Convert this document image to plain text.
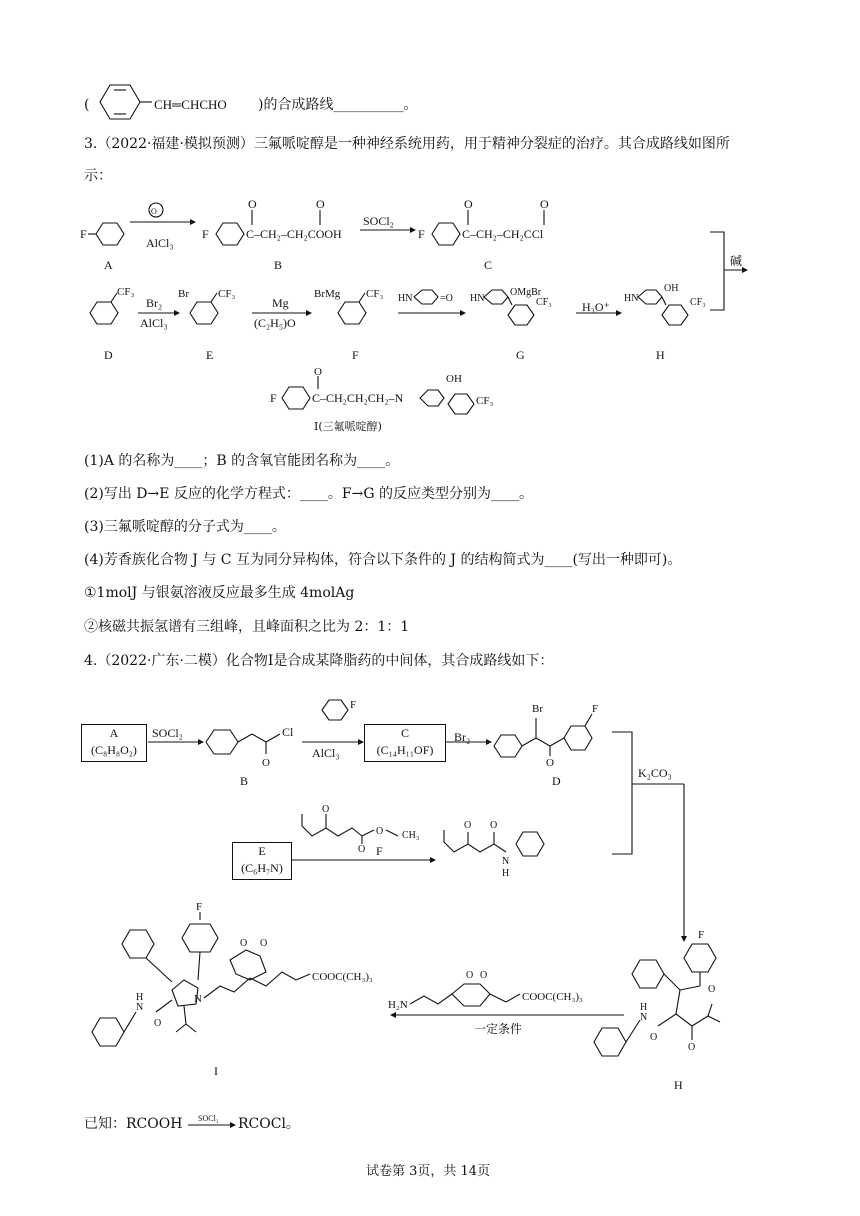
(	CH═CHCHO )的合成路线__________。
3.（2022·福建·模拟预测）三氟哌啶醇是一种神经系统用药，用于精神分裂症的治疗。其合成路线如图所
示：
F
O
F	C–CH₂–CH₂COOH
O	O
F	C–CH₂–CH₂CCl
O	O
AlCl₃
SOCl₂
A	B	C	碱
CF₃	Br	CF₃	BrMg CF₃ HN	=O HN
OMgBr
CF₃	HN
OH
CF₃
Br₂
AlCl₃
Mg
(C₂H₅)O
H₃O⁺
D	E	F	G	H
F	C–CH₂CH₂CH₂–N
O
OH
CF₃
I(三氟哌啶醇)
(1)A 的名称为____；B 的含氧官能团名称为____。
(2)写出 D→E 反应的化学方程式：____。F→G 的反应类型分别为____。
(3)三氟哌啶醇的分子式为____。
(4)芳香族化合物 J 与 C 互为同分异构体，符合以下条件的 J 的结构简式为____(写出一种即可)。
①1molJ 与银氨溶液反应最多生成 4molAg
②核磁共振氢谱有三组峰，且峰面积之比为 2：1：1
4.（2022·广东·二模）化合物Ⅰ是合成某降脂药的中间体，其合成路线如下：
A
(C₈H₈O₂)
SOCl₂
O
Cl
F	Br
O
F
AlCl₃
C
(C₁₄H₁₁OF)
Br₂
B	D
K₂CO₃
E
(C₆H₇N)
O
O
O CH₃
O O
N
H
F
F
N
O O
COOC(CH₃)₃
O
N
H
I
H₂N
O O
COOC(CH₃)₃
一定条件
F
O
O
N
H
O
H
已知：RCOOH SOCl₂ RCOCl。
试卷第 3页，共 14页
